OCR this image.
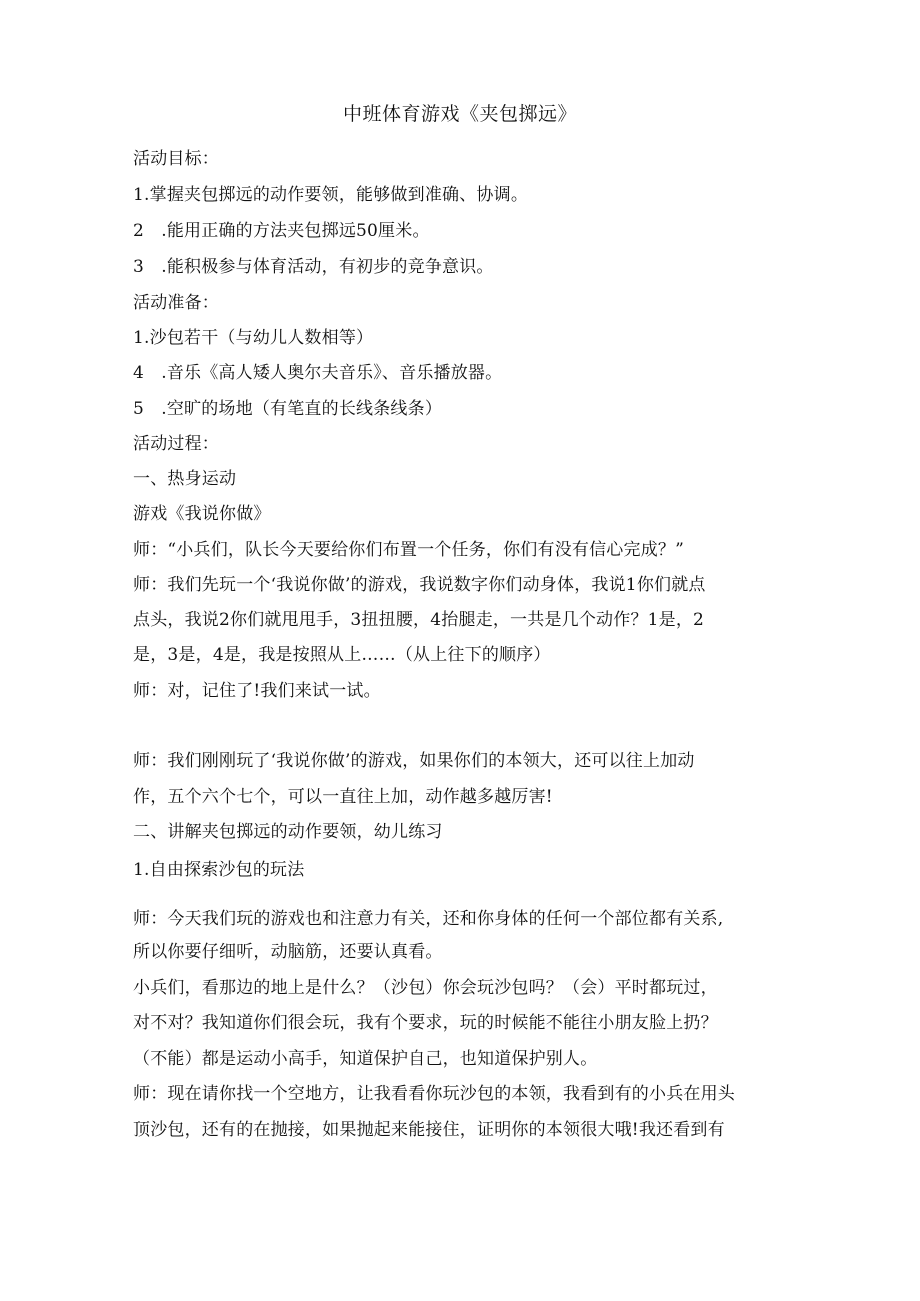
中班体育游戏《夹包掷远》
活动目标：
1.掌握夹包掷远的动作要领，能够做到准确、协调。
2　.能用正确的方法夹包掷远50厘米。
3　.能积极参与体育活动，有初步的竞争意识。
活动准备：
1.沙包若干（与幼儿人数相等）
4　.音乐《高人矮人奥尔夫音乐》、音乐播放器。
5　.空旷的场地（有笔直的长线条线条）
活动过程：
一、热身运动
游戏《我说你做》
师：“小兵们，队长今天要给你们布置一个任务，你们有没有信心完成？”
师：我们先玩一个‘我说你做’的游戏，我说数字你们动身体，我说1你们就点
点头，我说2你们就甩甩手，3扭扭腰，4抬腿走，一共是几个动作？1是，2
是，3是，4是，我是按照从上……（从上往下的顺序）
师：对，记住了!我们来试一试。
师：我们刚刚玩了‘我说你做’的游戏，如果你们的本领大，还可以往上加动
作，五个六个七个，可以一直往上加，动作越多越厉害!
二、讲解夹包掷远的动作要领，幼儿练习
1.自由探索沙包的玩法
师：今天我们玩的游戏也和注意力有关，还和你身体的任何一个部位都有关系,
所以你要仔细听，动脑筋，还要认真看。
小兵们，看那边的地上是什么？（沙包）你会玩沙包吗？（会）平时都玩过，
对不对？我知道你们很会玩，我有个要求，玩的时候能不能往小朋友脸上扔？
（不能）都是运动小高手，知道保护自己，也知道保护别人。
师：现在请你找一个空地方，让我看看你玩沙包的本领，我看到有的小兵在用头
顶沙包，还有的在抛接，如果抛起来能接住，证明你的本领很大哦!我还看到有
